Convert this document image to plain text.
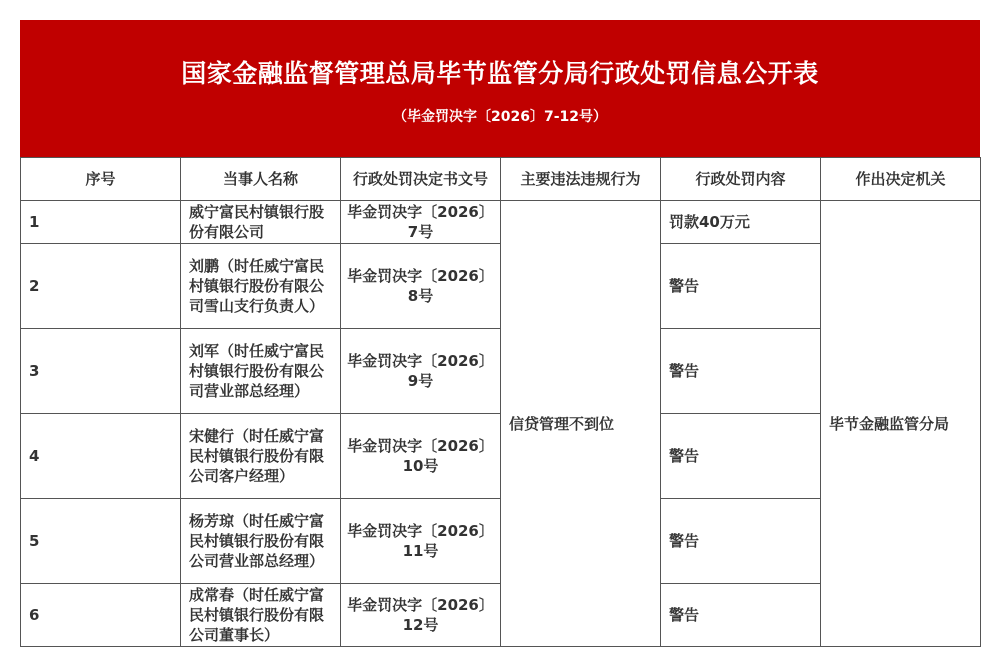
国家金融监督管理总局毕节监管分局行政处罚信息公开表
（毕金罚决字〔2026〕7-12号）
序号	当事人名称	行政处罚决定书文号	主要违法违规行为	行政处罚内容	作出决定机关
1	威宁富民村镇银行股份有限公司	毕金罚决字〔2026〕7号	信贷管理不到位	罚款40万元	毕节金融监管分局
2	刘鹏（时任威宁富民村镇银行股份有限公司雪山支行负责人）	毕金罚决字〔2026〕8号		警告	
3	刘军（时任威宁富民村镇银行股份有限公司营业部总经理）	毕金罚决字〔2026〕9号		警告	
4	宋健行（时任威宁富民村镇银行股份有限公司客户经理）	毕金罚决字〔2026〕10号		警告	
5	杨芳琼（时任威宁富民村镇银行股份有限公司营业部总经理）	毕金罚决字〔2026〕11号		警告	
6	成常春（时任威宁富民村镇银行股份有限公司董事长）	毕金罚决字〔2026〕12号		警告	
